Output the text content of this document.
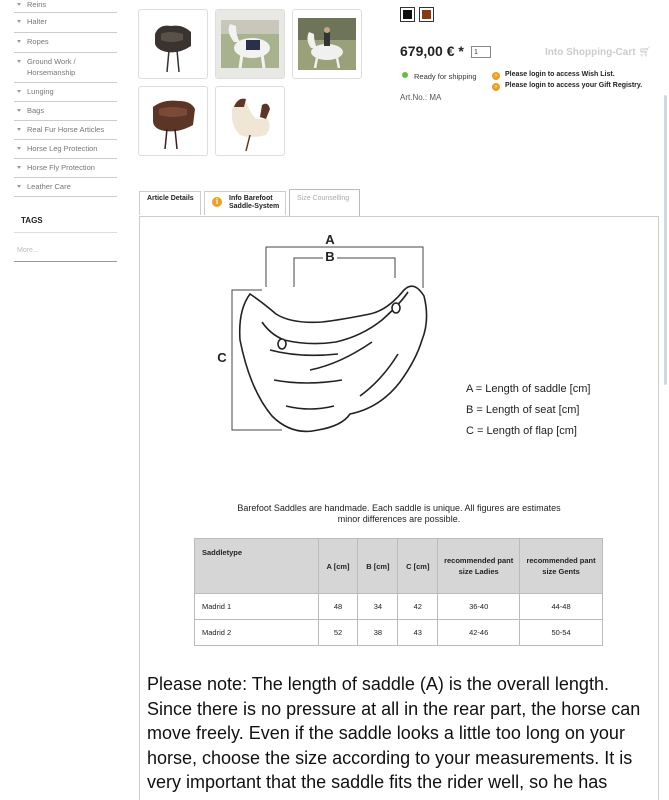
Reins
Halter
Ropes
Ground Work / Horsemanship
Lunging
Bags
Real Fur Horse Articles
Horse Leg Protection
Horse Fly Protection
Leather Care
TAGS
More...
679,00 € *	1	Into Shopping-Cart 🛒︎
Ready for shipping	›	Please login to access Wish List.
›	Please login to access your Gift Registry.
Art.No.: MA
Article Details	i	Info Barefoot Saddle-System
Size Counselling
A
B
C
A = Length of saddle [cm]
B = Length of seat [cm]
C = Length of flap [cm]
Barefoot Saddles are handmade. Each saddle is unique. All figures are estimates
minor differences are possible.
Saddletype	A [cm]	B [cm]	C [cm]	recommended pant size Ladies	recommended pant size Gents
Madrid 1	48	34	42	36-40	44-48
Madrid 2	52	38	43	42-46	50-54
Please note: The length of saddle (A) is the overall length. Since there is no pressure at all in the rear part, the horse can move freely. Even if the saddle looks a little too long on your horse, choose the size according to your measurements. It is very important that the saddle fits the rider well, so he has
